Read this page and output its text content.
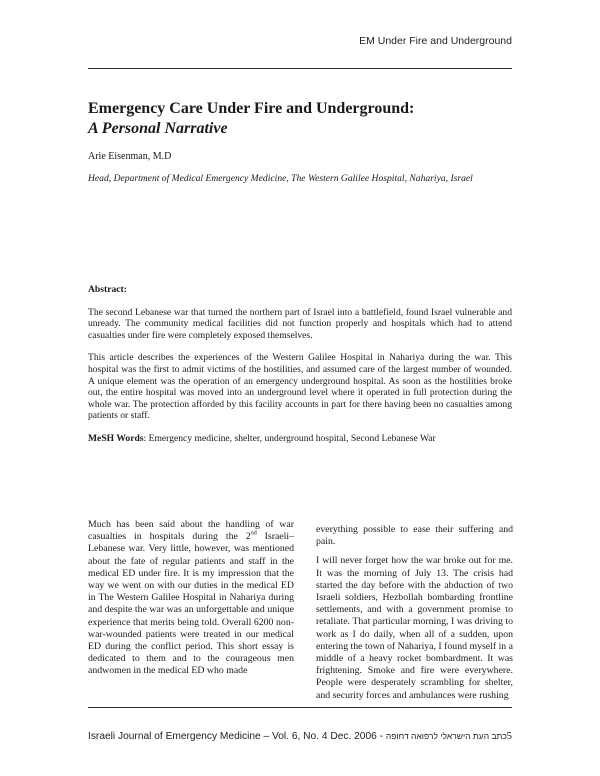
EM Under Fire and Underground
Emergency Care Under Fire and Underground:
A Personal Narrative
Arie Eisenman, M.D
Head, Department of Medical Emergency Medicine, The Western Galilee Hospital, Nahariya, Israel
Abstract:

The second Lebanese war that turned the northern part of Israel into a battlefield, found Israel vulnerable and unready. The community medical facilities did not function properly and hospitals which had to attend casualties under fire were completely exposed themselves.

This article describes the experiences of the Western Galilee Hospital in Nahariya during the war. This hospital was the first to admit victims of the hostilities, and assumed care of the largest number of wounded. A unique element was the operation of an emergency underground hospital. As soon as the hostilities broke out, the entire hospital was moved into an underground level where it operated in full protection during the whole war. The protection afforded by this facility accounts in part for there having been no casualties among patients or staff.

MeSH Words: Emergency medicine, shelter, underground hospital, Second Lebanese War
Much has been said about the handling of war casualties in hospitals during the 2nd Israeli–Lebanese war. Very little, however, was mentioned about the fate of regular patients and staff in the medical ED under fire. It is my impression that the way we went on with our duties in the medical ED in The Western Galilee Hospital in Nahariya during and despite the war was an unforgettable and unique experience that merits being told. Overall 6200 non-war-wounded patients were treated in our medical ED during the conflict period. This short essay is dedicated to them and to the courageous men andwomen in the medical ED who made

everything possible to ease their suffering and pain.

I will never forget how the war broke out for me. It was the morning of July 13. The crisis had started the day before with the abduction of two Israeli soldiers, Hezbollah bombarding frontline settlements, and with a government promise to retaliate. That particular morning, I was driving to work as I do daily, when all of a sudden, upon entering the town of Nahariya, I found myself in a middle of a heavy rocket bombardment. It was frightening. Smoke and fire were everywhere. People were desperately scrambling for shelter, and security forces and ambulances were rushing

Israeli Journal of Emergency Medicine – Vol. 6, No. 4 Dec. 2006 - כתב העת הישראלי לרפואה דחופה 5
